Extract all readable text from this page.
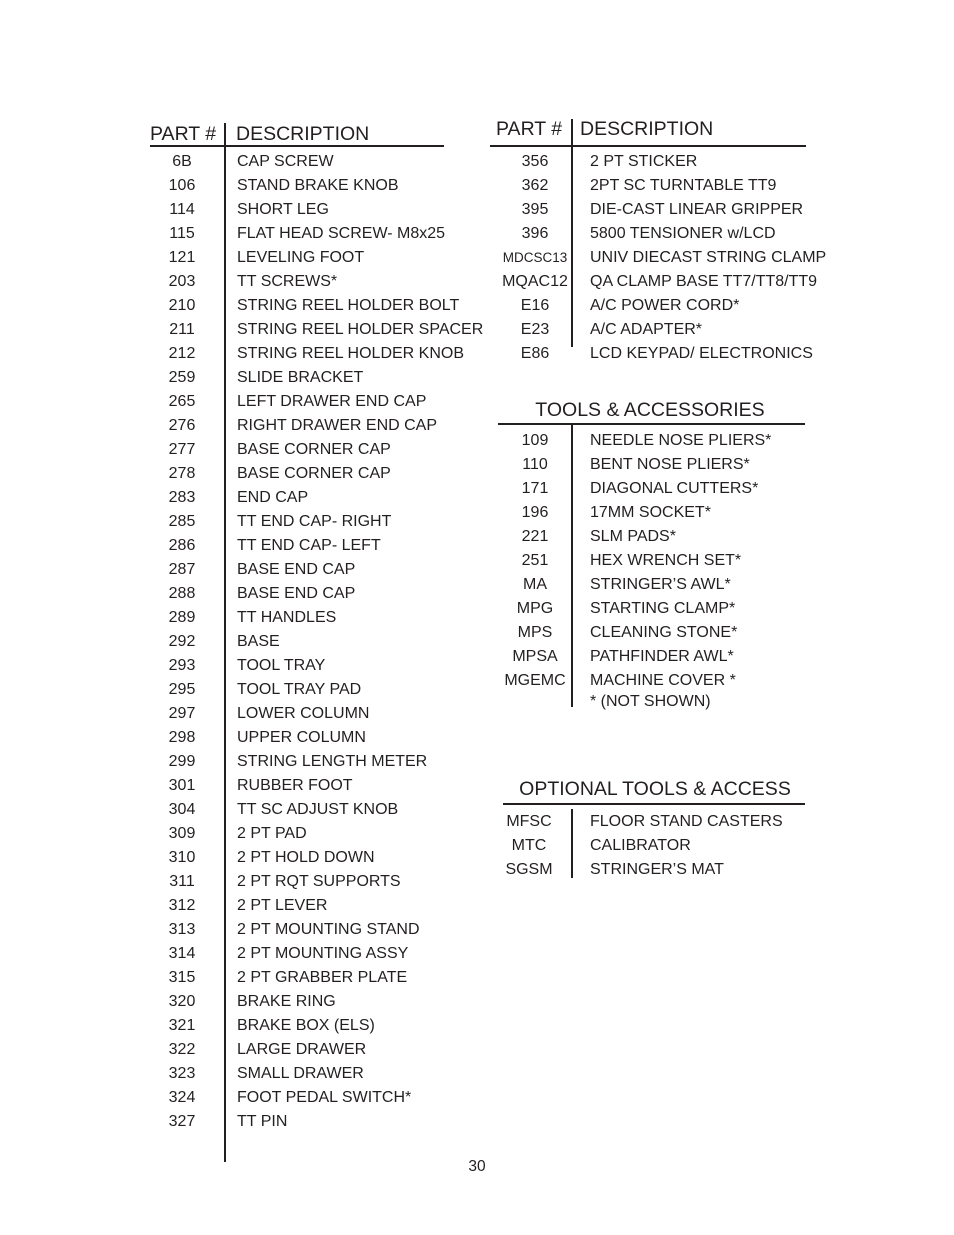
PART # DESCRIPTION
6B	CAP SCREW
106	STAND BRAKE KNOB
114	SHORT LEG
115	FLAT HEAD SCREW- M8x25
121	LEVELING FOOT
203	TT SCREWS*
210	STRING REEL HOLDER BOLT
211	STRING REEL HOLDER SPACER
212	STRING REEL HOLDER KNOB
259	SLIDE BRACKET
265	LEFT DRAWER END CAP
276	RIGHT DRAWER END CAP
277	BASE CORNER CAP
278	BASE CORNER CAP
283	END CAP
285	TT END CAP- RIGHT
286	TT END CAP- LEFT
287	BASE END CAP
288	BASE END CAP
289	TT HANDLES
292	BASE
293	TOOL TRAY
295	TOOL TRAY PAD
297	LOWER COLUMN
298	UPPER COLUMN
299	STRING LENGTH METER
301	RUBBER FOOT
304	TT SC ADJUST KNOB
309	2 PT PAD
310	2 PT HOLD DOWN
311	2 PT RQT SUPPORTS
312	2 PT LEVER
313	2 PT MOUNTING STAND
314	2 PT MOUNTING ASSY
315	2 PT GRABBER PLATE
320	BRAKE RING
321	BRAKE BOX (ELS)
322	LARGE DRAWER
323	SMALL DRAWER
324	FOOT PEDAL SWITCH*
327	TT PIN
PART # DESCRIPTION
356	2 PT STICKER
362	2PT SC TURNTABLE TT9
395	DIE-CAST LINEAR GRIPPER
396	5800 TENSIONER w/LCD
MDCSC13 UNIV DIECAST STRING CLAMP
MQAC12 QA CLAMP BASE TT7/TT8/TT9
E16	A/C POWER CORD*
E23	A/C ADAPTER*
E86	LCD KEYPAD/ ELECTRONICS
TOOLS & ACCESSORIES
109	NEEDLE NOSE PLIERS*
110	BENT NOSE PLIERS*
171	DIAGONAL CUTTERS*
196	17MM SOCKET*
221	SLM PADS*
251	HEX WRENCH SET*
MA	STRINGER’S AWL*
MPG	STARTING CLAMP*
MPS	CLEANING STONE*
MPSA	PATHFINDER AWL*
MGEMC	MACHINE COVER *
* (NOT SHOWN)
OPTIONAL TOOLS & ACCESS
MFSC	FLOOR STAND CASTERS
MTC	CALIBRATOR
SGSM	STRINGER’S MAT
30
